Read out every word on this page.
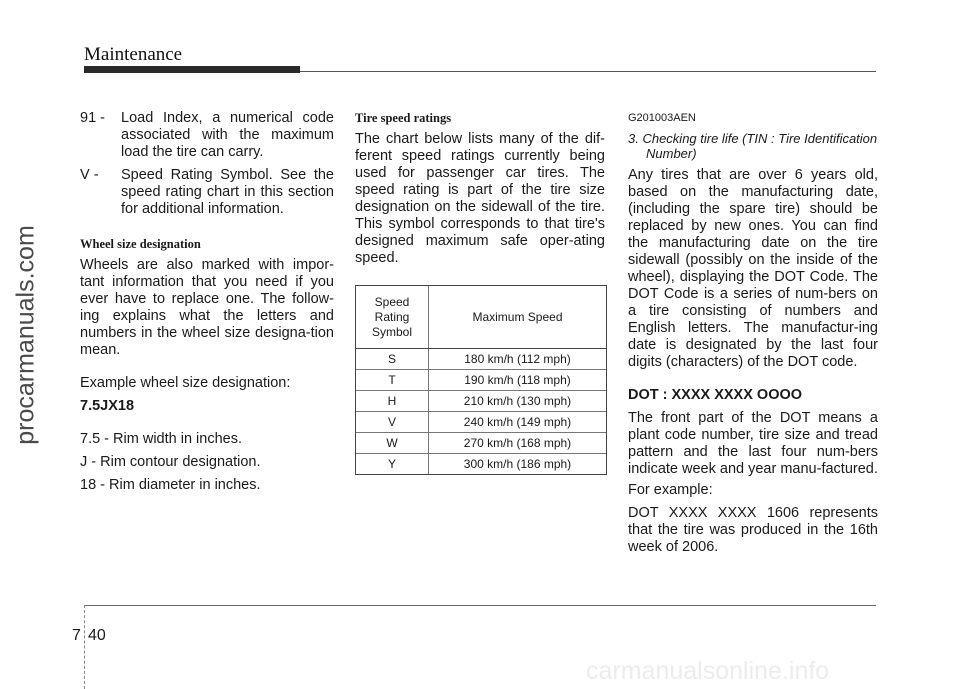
Maintenance
procarmanuals.com

91 - Load Index, a numerical code associated with the maximum load the tire can carry.

V - Speed Rating Symbol. See the speed rating chart in this section for additional information.

Wheel size designation

Wheels are also marked with impor-tant information that you need if you ever have to replace one. The follow-ing explains what the letters and numbers in the wheel size designa-tion mean.

Example wheel size designation:

7.5JX18

7.5 - Rim width in inches.

J - Rim contour designation.

18 - Rim diameter in inches.

Tire speed ratings

The chart below lists many of the dif-ferent speed ratings currently being used for passenger car tires. The speed rating is part of the tire size designation on the sidewall of the tire. This symbol corresponds to that tire's designed maximum safe oper-ating speed.

Speed
Rating
Symbol	Maximum Speed
S	180 km/h (112 mph)
T	190 km/h (118 mph)
H	210 km/h (130 mph)
V	240 km/h (149 mph)
W	270 km/h (168 mph)
Y	300 km/h (186 mph)

G201003AEN

3. Checking tire life (TIN : Tire Identification Number)

Any tires that are over 6 years old, based on the manufacturing date, (including the spare tire) should be replaced by new ones. You can find the manufacturing date on the tire sidewall (possibly on the inside of the wheel), displaying the DOT Code. The DOT Code is a series of num-bers on a tire consisting of numbers and English letters. The manufactur-ing date is designated by the last four digits (characters) of the DOT code.

DOT : XXXX XXXX OOOO

The front part of the DOT means a plant code number, tire size and tread pattern and the last four num-bers indicate week and year manu-factured.

For example:

DOT XXXX XXXX 1606 represents that the tire was produced in the 16th week of 2006.

7 40
carmanualsonline.info
